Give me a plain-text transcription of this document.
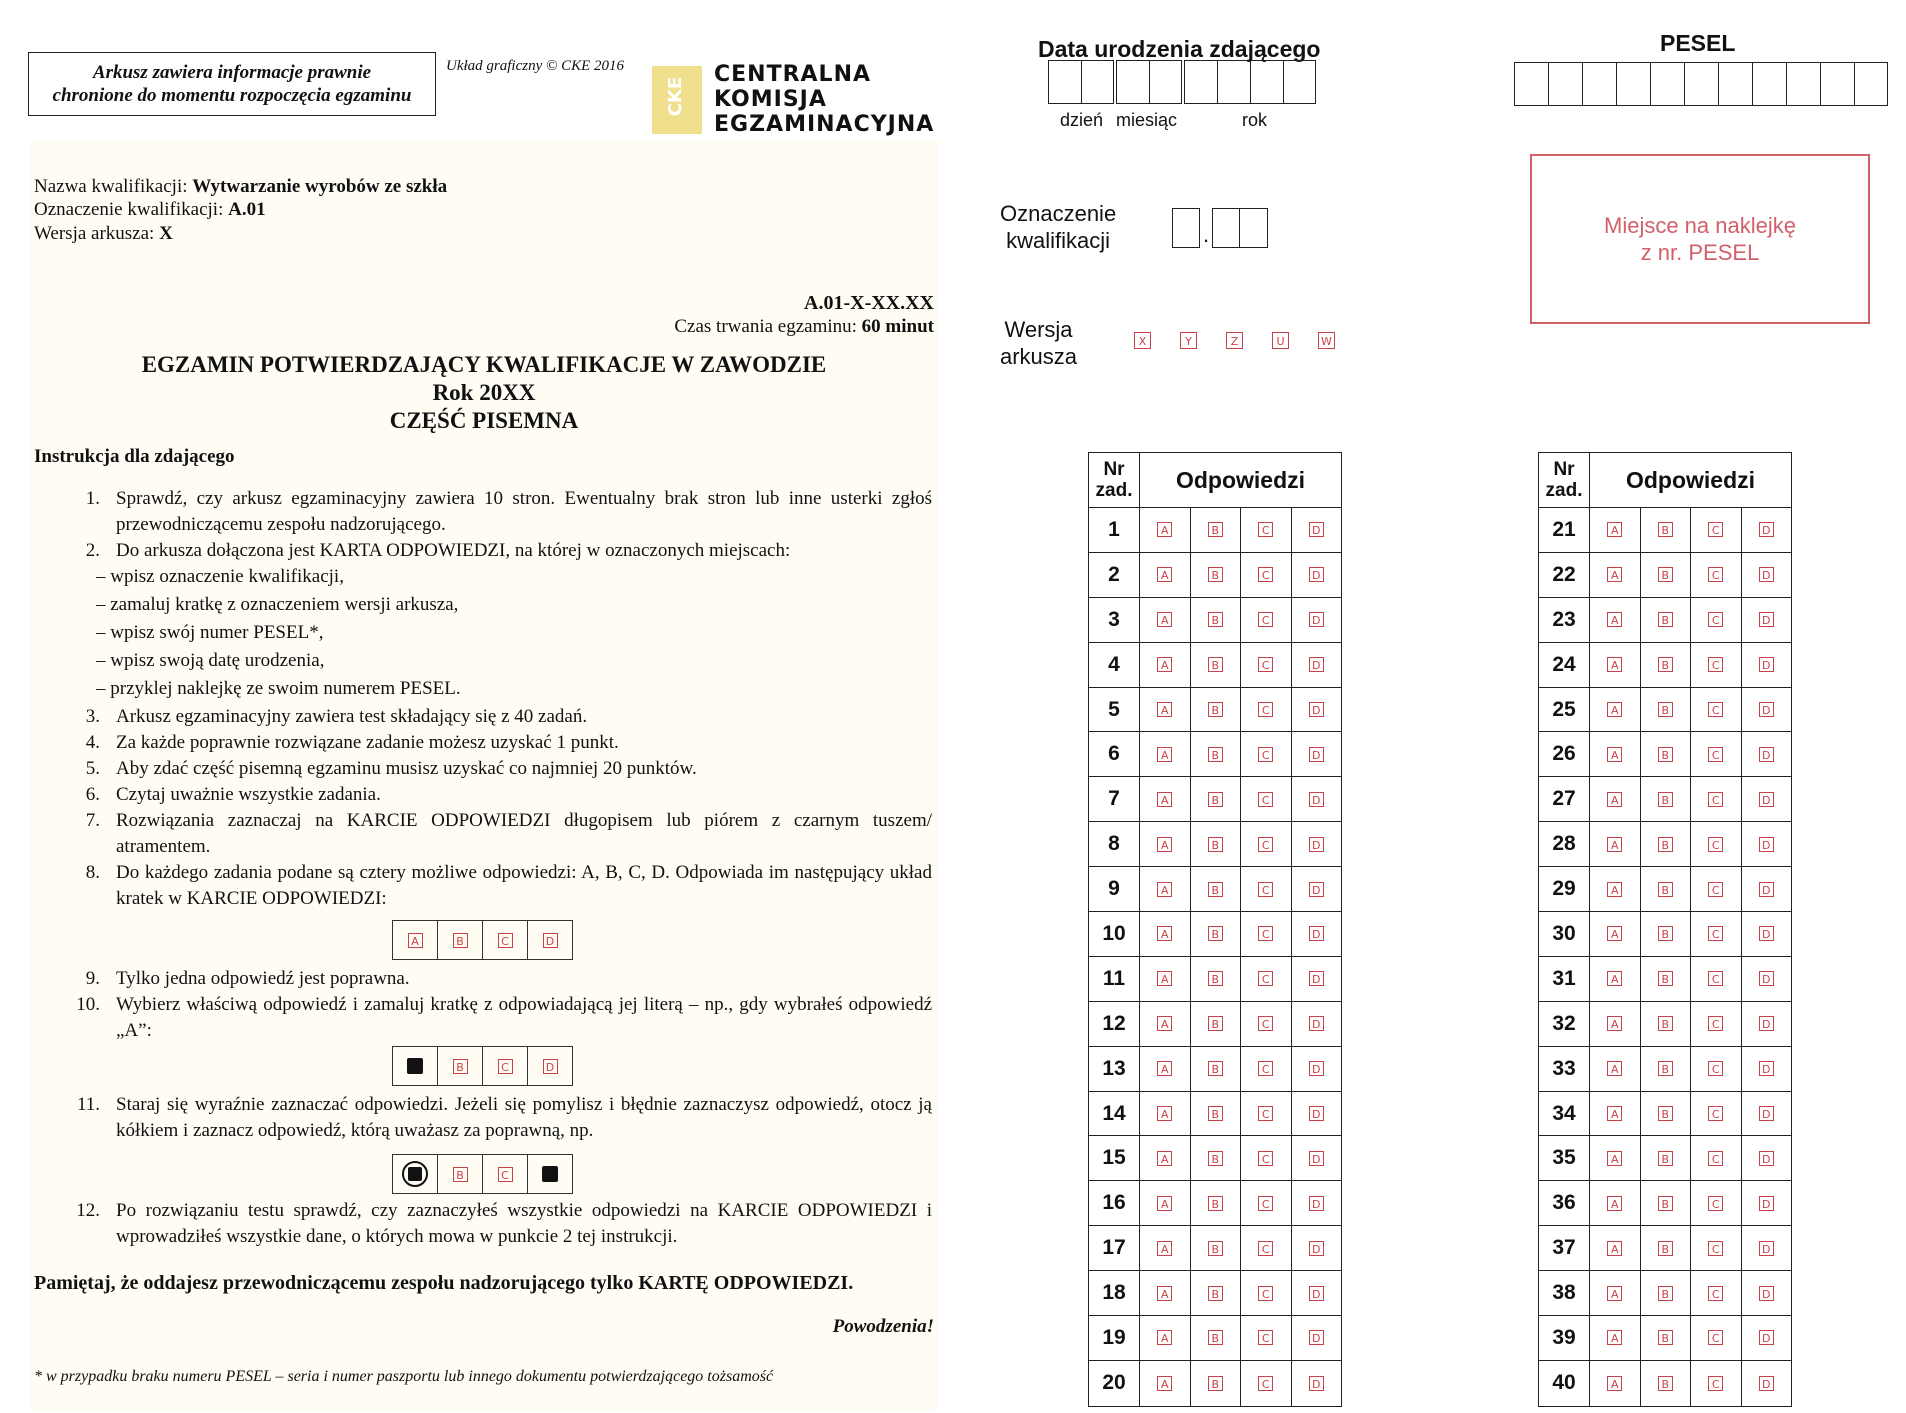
Arkusz zawiera informacje prawnie
chronione do momentu rozpoczęcia egzaminu
Układ graficzny © CKE 2016
CKE
CENTRALNA
KOMISJA
EGZAMINACYJNA
Nazwa kwalifikacji: Wytwarzanie wyrobów ze szkła
Oznaczenie kwalifikacji: A.01
Wersja arkusza: X
A.01-X-XX.XX
Czas trwania egzaminu: 60 minut
EGZAMIN POTWIERDZAJĄCY KWALIFIKACJE W ZAWODZIE
Rok 20XX
CZĘŚĆ PISEMNA
Instrukcja dla zdającego
1. Sprawdź, czy arkusz egzaminacyjny zawiera 10 stron. Ewentualny brak stron lub inne usterki zgłoś przewodniczącemu zespołu nadzorującego.
2. Do arkusza dołączona jest KARTA ODPOWIEDZI, na której w oznaczonych miejscach:
– wpisz oznaczenie kwalifikacji,
– zamaluj kratkę z oznaczeniem wersji arkusza,
– wpisz swój numer PESEL*,
– wpisz swoją datę urodzenia,
– przyklej naklejkę ze swoim numerem PESEL.
3. Arkusz egzaminacyjny zawiera test składający się z 40 zadań.
4. Za każde poprawnie rozwiązane zadanie możesz uzyskać 1 punkt.
5. Aby zdać część pisemną egzaminu musisz uzyskać co najmniej 20 punktów.
6. Czytaj uważnie wszystkie zadania.
7. Rozwiązania zaznaczaj na KARCIE ODPOWIEDZI długopisem lub piórem z czarnym tuszem/ atramentem.
8. Do każdego zadania podane są cztery możliwe odpowiedzi: A, B, C, D. Odpowiada im następujący układ kratek w KARCIE ODPOWIEDZI:
A	B	C	D
9. Tylko jedna odpowiedź jest poprawna.
10. Wybierz właściwą odpowiedź i zamaluj kratkę z odpowiadającą jej literą – np., gdy wybrałeś odpowiedź „A”:
B	C	D
11. Staraj się wyraźnie zaznaczać odpowiedzi. Jeżeli się pomylisz i błędnie zaznaczysz odpowiedź, otocz ją kółkiem i zaznacz odpowiedź, którą uważasz za poprawną, np.
B	C
12. Po rozwiązaniu testu sprawdź, czy zaznaczyłeś wszystkie odpowiedzi na KARCIE ODPOWIEDZI i wprowadziłeś wszystkie dane, o których mowa w punkcie 2 tej instrukcji.
Pamiętaj, że oddajesz przewodniczącemu zespołu nadzorującego tylko KARTĘ ODPOWIEDZI.
Powodzenia!
* w przypadku braku numeru PESEL – seria i numer paszportu lub innego dokumentu potwierdzającego tożsamość
Data urodzenia zdającego
dzień miesiąc	rok
PESEL
Miejsce na naklejkę
z nr. PESEL
Oznaczenie
kwalifikacji	.
Wersja
arkusza
X	Y	Z	U	W
Nr
zad.	Odpowiedzi
1	A	B	C	D
2	A	B	C	D
3	A	B	C	D
4	A	B	C	D
5	A	B	C	D
6	A	B	C	D
7	A	B	C	D
8	A	B	C	D
9	A	B	C	D
10	A	B	C	D
11	A	B	C	D
12	A	B	C	D
13	A	B	C	D
14	A	B	C	D
15	A	B	C	D
16	A	B	C	D
17	A	B	C	D
18	A	B	C	D
19	A	B	C	D
20	A	B	C	D
Nr
zad.	Odpowiedzi
21	A	B	C	D
22	A	B	C	D
23	A	B	C	D
24	A	B	C	D
25	A	B	C	D
26	A	B	C	D
27	A	B	C	D
28	A	B	C	D
29	A	B	C	D
30	A	B	C	D
31	A	B	C	D
32	A	B	C	D
33	A	B	C	D
34	A	B	C	D
35	A	B	C	D
36	A	B	C	D
37	A	B	C	D
38	A	B	C	D
39	A	B	C	D
40	A	B	C	D
